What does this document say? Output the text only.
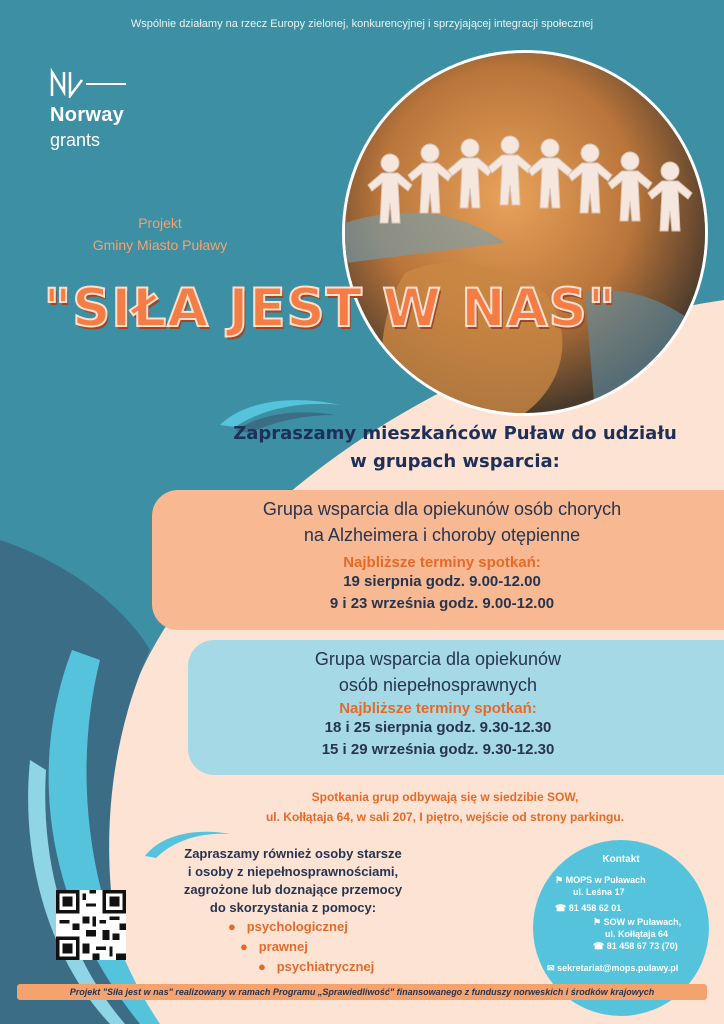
Wspólnie działamy na rzecz Europy zielonej, konkurencyjnej i sprzyjającej integracji społecznej
Norway
grants
Projekt
Gminy Miasto Puławy
"SIŁA JEST W NAS"
Zapraszamy mieszkańców Puław do udziału
w grupach wsparcia:
Grupa wsparcia dla opiekunów osób chorych
na Alzheimera i choroby otępienne
Najbliższe terminy spotkań:
19 sierpnia godz. 9.00-12.00
9 i 23 września godz. 9.00-12.00
Grupa wsparcia dla opiekunów
osób niepełnosprawnych
Najbliższe terminy spotkań:
18 i 25 sierpnia godz. 9.30-12.30
15 i 29 września godz. 9.30-12.30
Spotkania grup odbywają się w siedzibie SOW,
ul. Kołłątaja 64, w sali 207, I piętro, wejście od strony parkingu.
Zapraszamy również osoby starsze
i osoby z niepełnosprawnościami,
zagrożone lub doznające przemocy
do skorzystania z pomocy:
●   psychologicznej
●   prawnej
●   psychiatrycznej
Kontakt
⚑ MOPS w Puławach
ul. Leśna 17
☎ 81 458 62 01
⚑ SOW w Puławach,
ul. Kołłątaja 64
☎ 81 458 67 73 (70)
✉ sekretariat@mops.pulawy.pl
Projekt "Siła jest w nas" realizowany w ramach Programu „Sprawiedliwość" finansowanego z funduszy norweskich i środków krajowych
